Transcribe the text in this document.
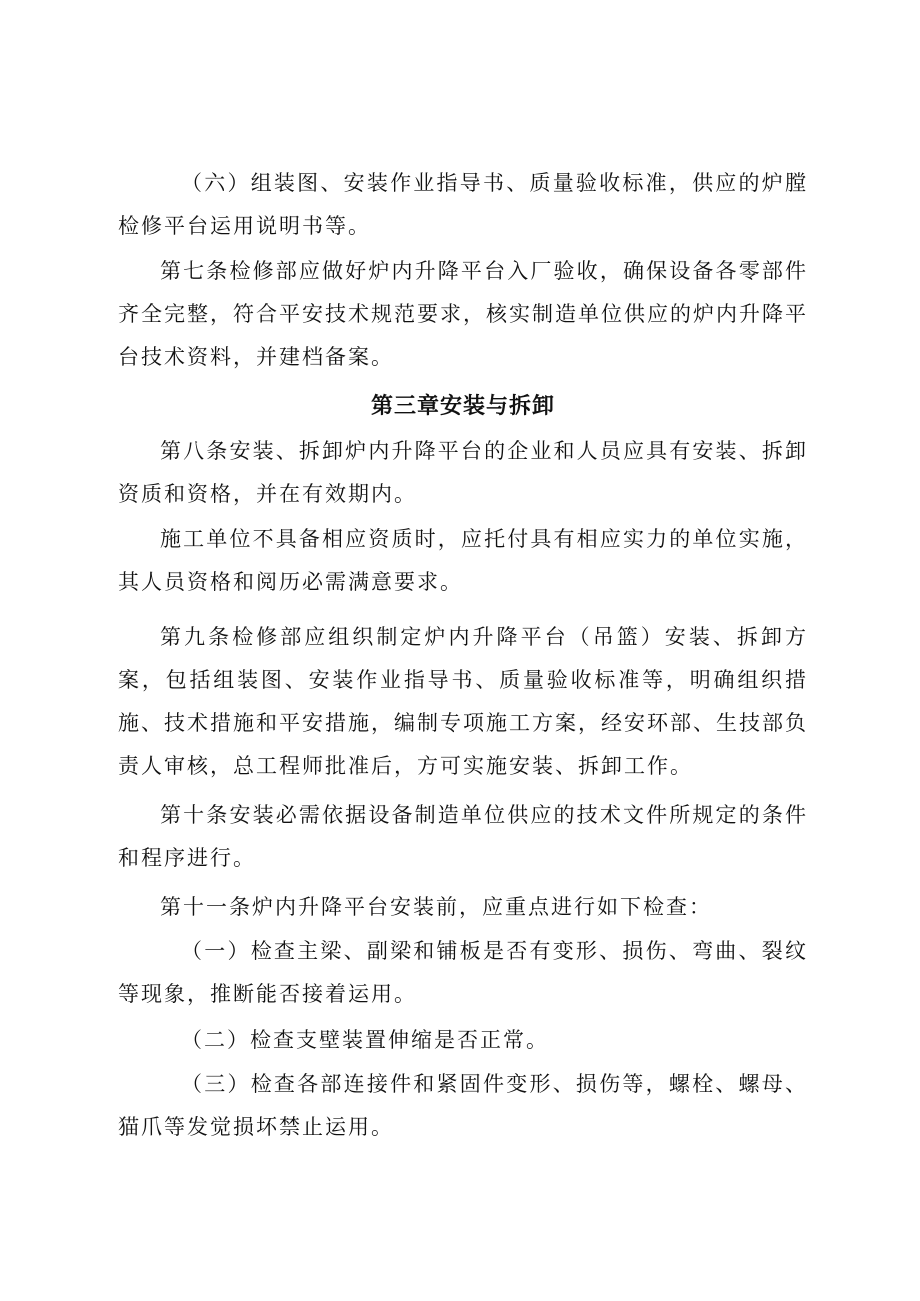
（六）组装图、安装作业指导书、质量验收标准，供应的炉膛检修平台运用说明书等。

第七条检修部应做好炉内升降平台入厂验收，确保设备各零部件齐全完整，符合平安技术规范要求，核实制造单位供应的炉内升降平台技术资料，并建档备案。

第三章安装与拆卸

第八条安装、拆卸炉内升降平台的企业和人员应具有安装、拆卸资质和资格，并在有效期内。

施工单位不具备相应资质时，应托付具有相应实力的单位实施，其人员资格和阅历必需满意要求。

第九条检修部应组织制定炉内升降平台（吊篮）安装、拆卸方案，包括组装图、安装作业指导书、质量验收标准等，明确组织措施、技术措施和平安措施，编制专项施工方案，经安环部、生技部负责人审核，总工程师批准后，方可实施安装、拆卸工作。

第十条安装必需依据设备制造单位供应的技术文件所规定的条件和程序进行。

第十一条炉内升降平台安装前，应重点进行如下检查：

（一）检查主梁、副梁和铺板是否有变形、损伤、弯曲、裂纹等现象，推断能否接着运用。

（二）检查支壁装置伸缩是否正常。

（三）检查各部连接件和紧固件变形、损伤等，螺栓、螺母、猫爪等发觉损坏禁止运用。
